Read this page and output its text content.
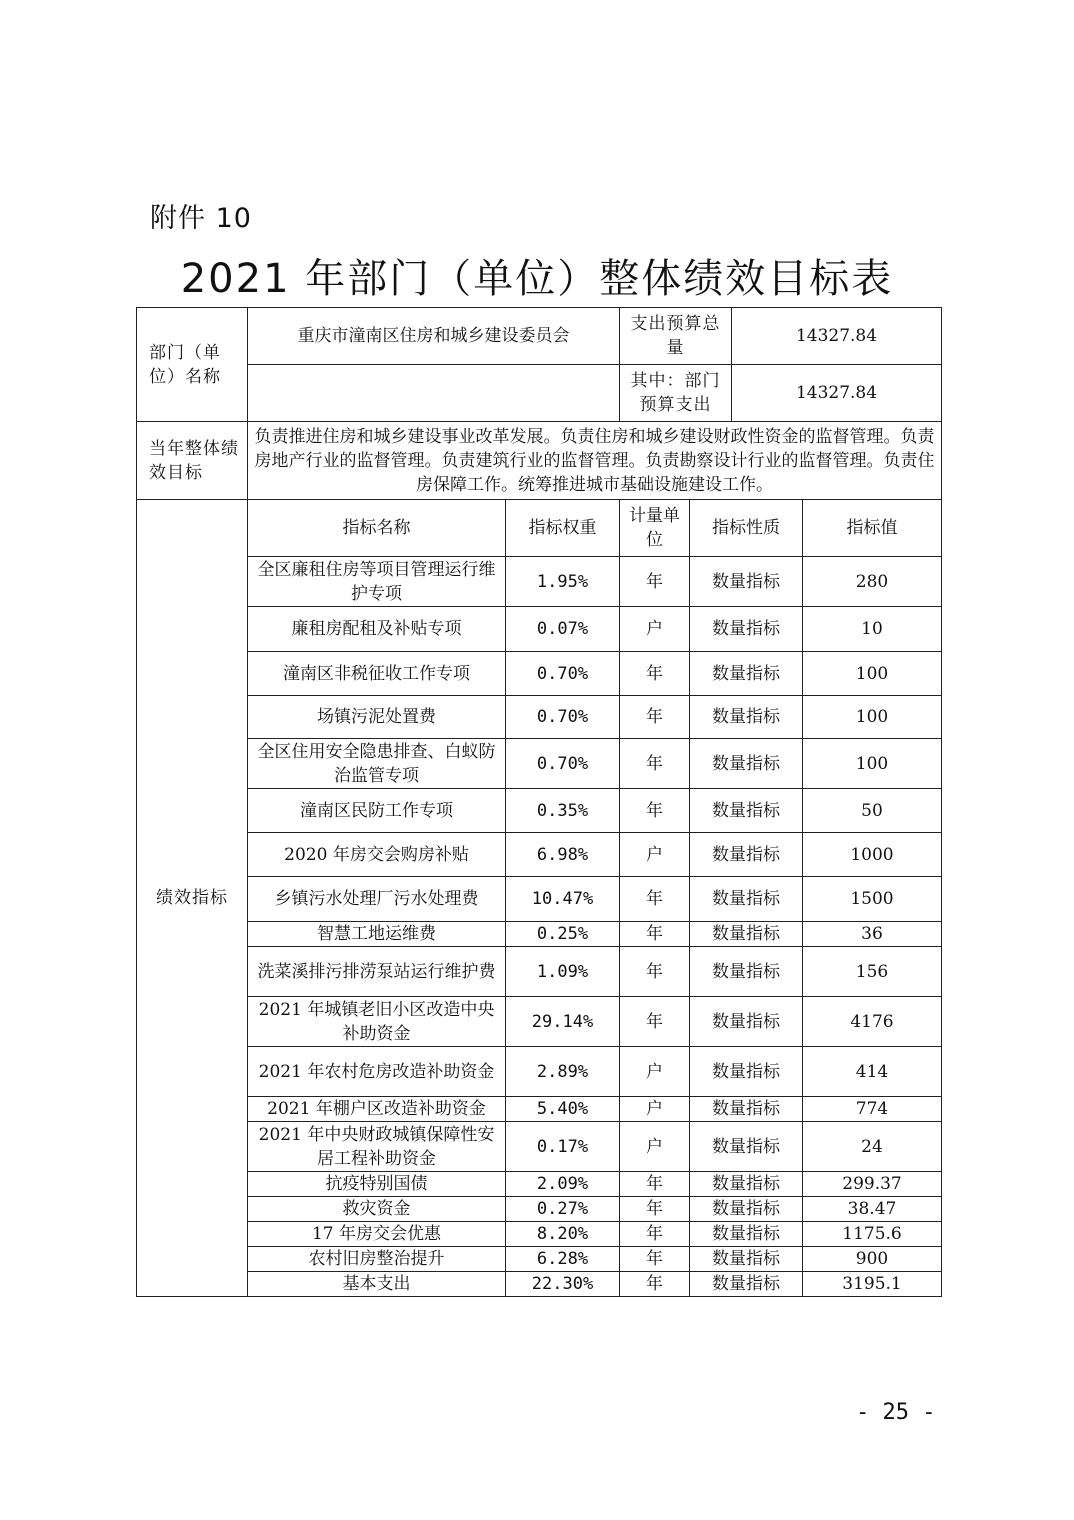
附件 10
2021 年部门（单位）整体绩效目标表
部门（单位）名称	重庆市潼南区住房和城乡建设委员会		支出预算总量		14327.84	
			其中：部门预算支出		14327.84	
当年整体绩效目标	负责推进住房和城乡建设事业改革发展。负责住房和城乡建设财政性资金的监督管理。负责房地产行业的监督管理。负责建筑行业的监督管理。负责勘察设计行业的监督管理。负责住房保障工作。统筹推进城市基础设施建设工作。					
绩效指标	指标名称	指标权重	计量单位	指标性质		指标值
	全区廉租住房等项目管理运行维护专项	1.95%	年	数量指标		280
	廉租房配租及补贴专项	0.07%	户	数量指标		10
	潼南区非税征收工作专项	0.70%	年	数量指标		100
	场镇污泥处置费	0.70%	年	数量指标		100
	全区住用安全隐患排查、白蚁防治监管专项	0.70%	年	数量指标		100
	潼南区民防工作专项	0.35%	年	数量指标		50
	2020 年房交会购房补贴	6.98%	户	数量指标		1000
	乡镇污水处理厂污水处理费	10.47%	年	数量指标		1500
	智慧工地运维费	0.25%	年	数量指标		36
	洗菜溪排污排涝泵站运行维护费	1.09%	年	数量指标		156
	2021 年城镇老旧小区改造中央补助资金	29.14%	年	数量指标		4176
	2021 年农村危房改造补助资金	2.89%	户	数量指标		414
	2021 年棚户区改造补助资金	5.40%	户	数量指标		774
	2021 年中央财政城镇保障性安居工程补助资金	0.17%	户	数量指标		24
	抗疫特别国债	2.09%	年	数量指标		299.37
	救灾资金	0.27%	年	数量指标		38.47
	17 年房交会优惠	8.20%	年	数量指标		1175.6
	农村旧房整治提升	6.28%	年	数量指标		900
	基本支出	22.30%	年	数量指标		3195.1
- 25 -
